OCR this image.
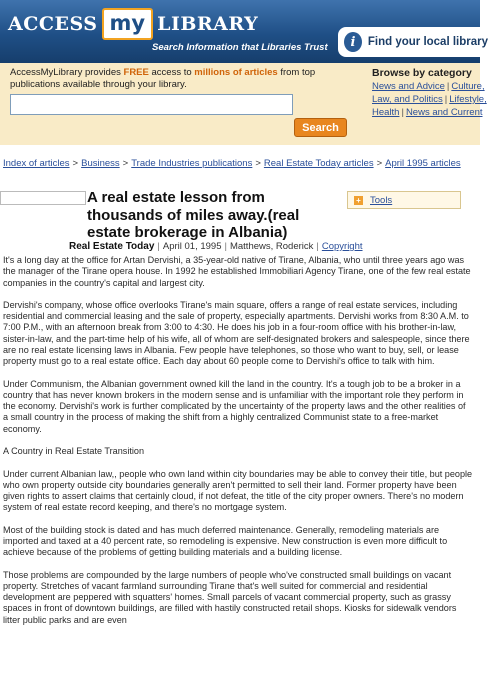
ACCESS my LIBRARY
Search Information that Libraries Trust	i	Find your local library
AccessMyLibrary provides FREE access to millions of articles from top publications available through your library.
Search
Browse by category
News and Advice | Culture,
Law, and Politics | Lifestyle,
Health | News and Current
Index of articles > Business > Trade Industries publications > Real Estate Today articles > April 1995 articles
A real estate lesson from thousands of miles away.(real estate brokerage in Albania)
+ Tools
Real Estate Today | April 01, 1995 | Matthews, Roderick | Copyright

It's a long day at the office for Artan Dervishi, a 35-year-old native of Tirane, Albania, who until three years ago was the manager of the Tirane opera house. In 1992 he established Immobiliari Agency Tirane, one of the few real estate companies in the country's capital and largest city.

Dervishi's company, whose office overlooks Tirane's main square, offers a range of real estate services, including residential and commercial leasing and the sale of property, especially apartments. Dervishi works from 8:30 A.M. to 7:00 P.M., with an afternoon break from 3:00 to 4:30. He does his job in a four-room office with his brother-in-law, sister-in-law, and the part-time help of his wife, all of whom are self-designated brokers and salespeople, since there are no real estate licensing laws in Albania. Few people have telephones, so those who want to buy, sell, or lease property must go to a real estate office. Each day about 60 people come to Dervishi's office to talk with him.

Under Communism, the Albanian government owned kill the land in the country. It's a tough job to be a broker in a country that has never known brokers in the modern sense and is unfamiliar with the important role they perform in the economy. Dervishi's work is further complicated by the uncertainty of the property laws and the other realities of a small country in the process of making the shift from a highly centralized Communist state to a free-market economy.

A Country in Real Estate Transition

Under current Albanian law,, people who own land within city boundaries may be able to convey their title, but people who own property outside city boundaries generally aren't permitted to sell their land. Former property have been given rights to assert claims that certainly cloud, if not defeat, the title of the city proper owners. There's no modern system of real estate record keeping, and there's no mortgage system.

Most of the building stock is dated and has much deferred maintenance. Generally, remodeling materials are imported and taxed at a 40 percent rate, so remodeling is expensive. New construction is even more difficult to achieve because of the problems of getting building materials and a building license.

Those problems are compounded by the large numbers of people who've constructed small buildings on vacant property. Stretches of vacant farmland surrounding Tirane that's well suited for commercial and residential development are peppered with squatters' homes. Small parcels of vacant commercial property, such as grassy spaces in front of downtown buildings, are filled with hastily constructed retail shops. Kiosks for sidewalk vendors litter public parks and are even
